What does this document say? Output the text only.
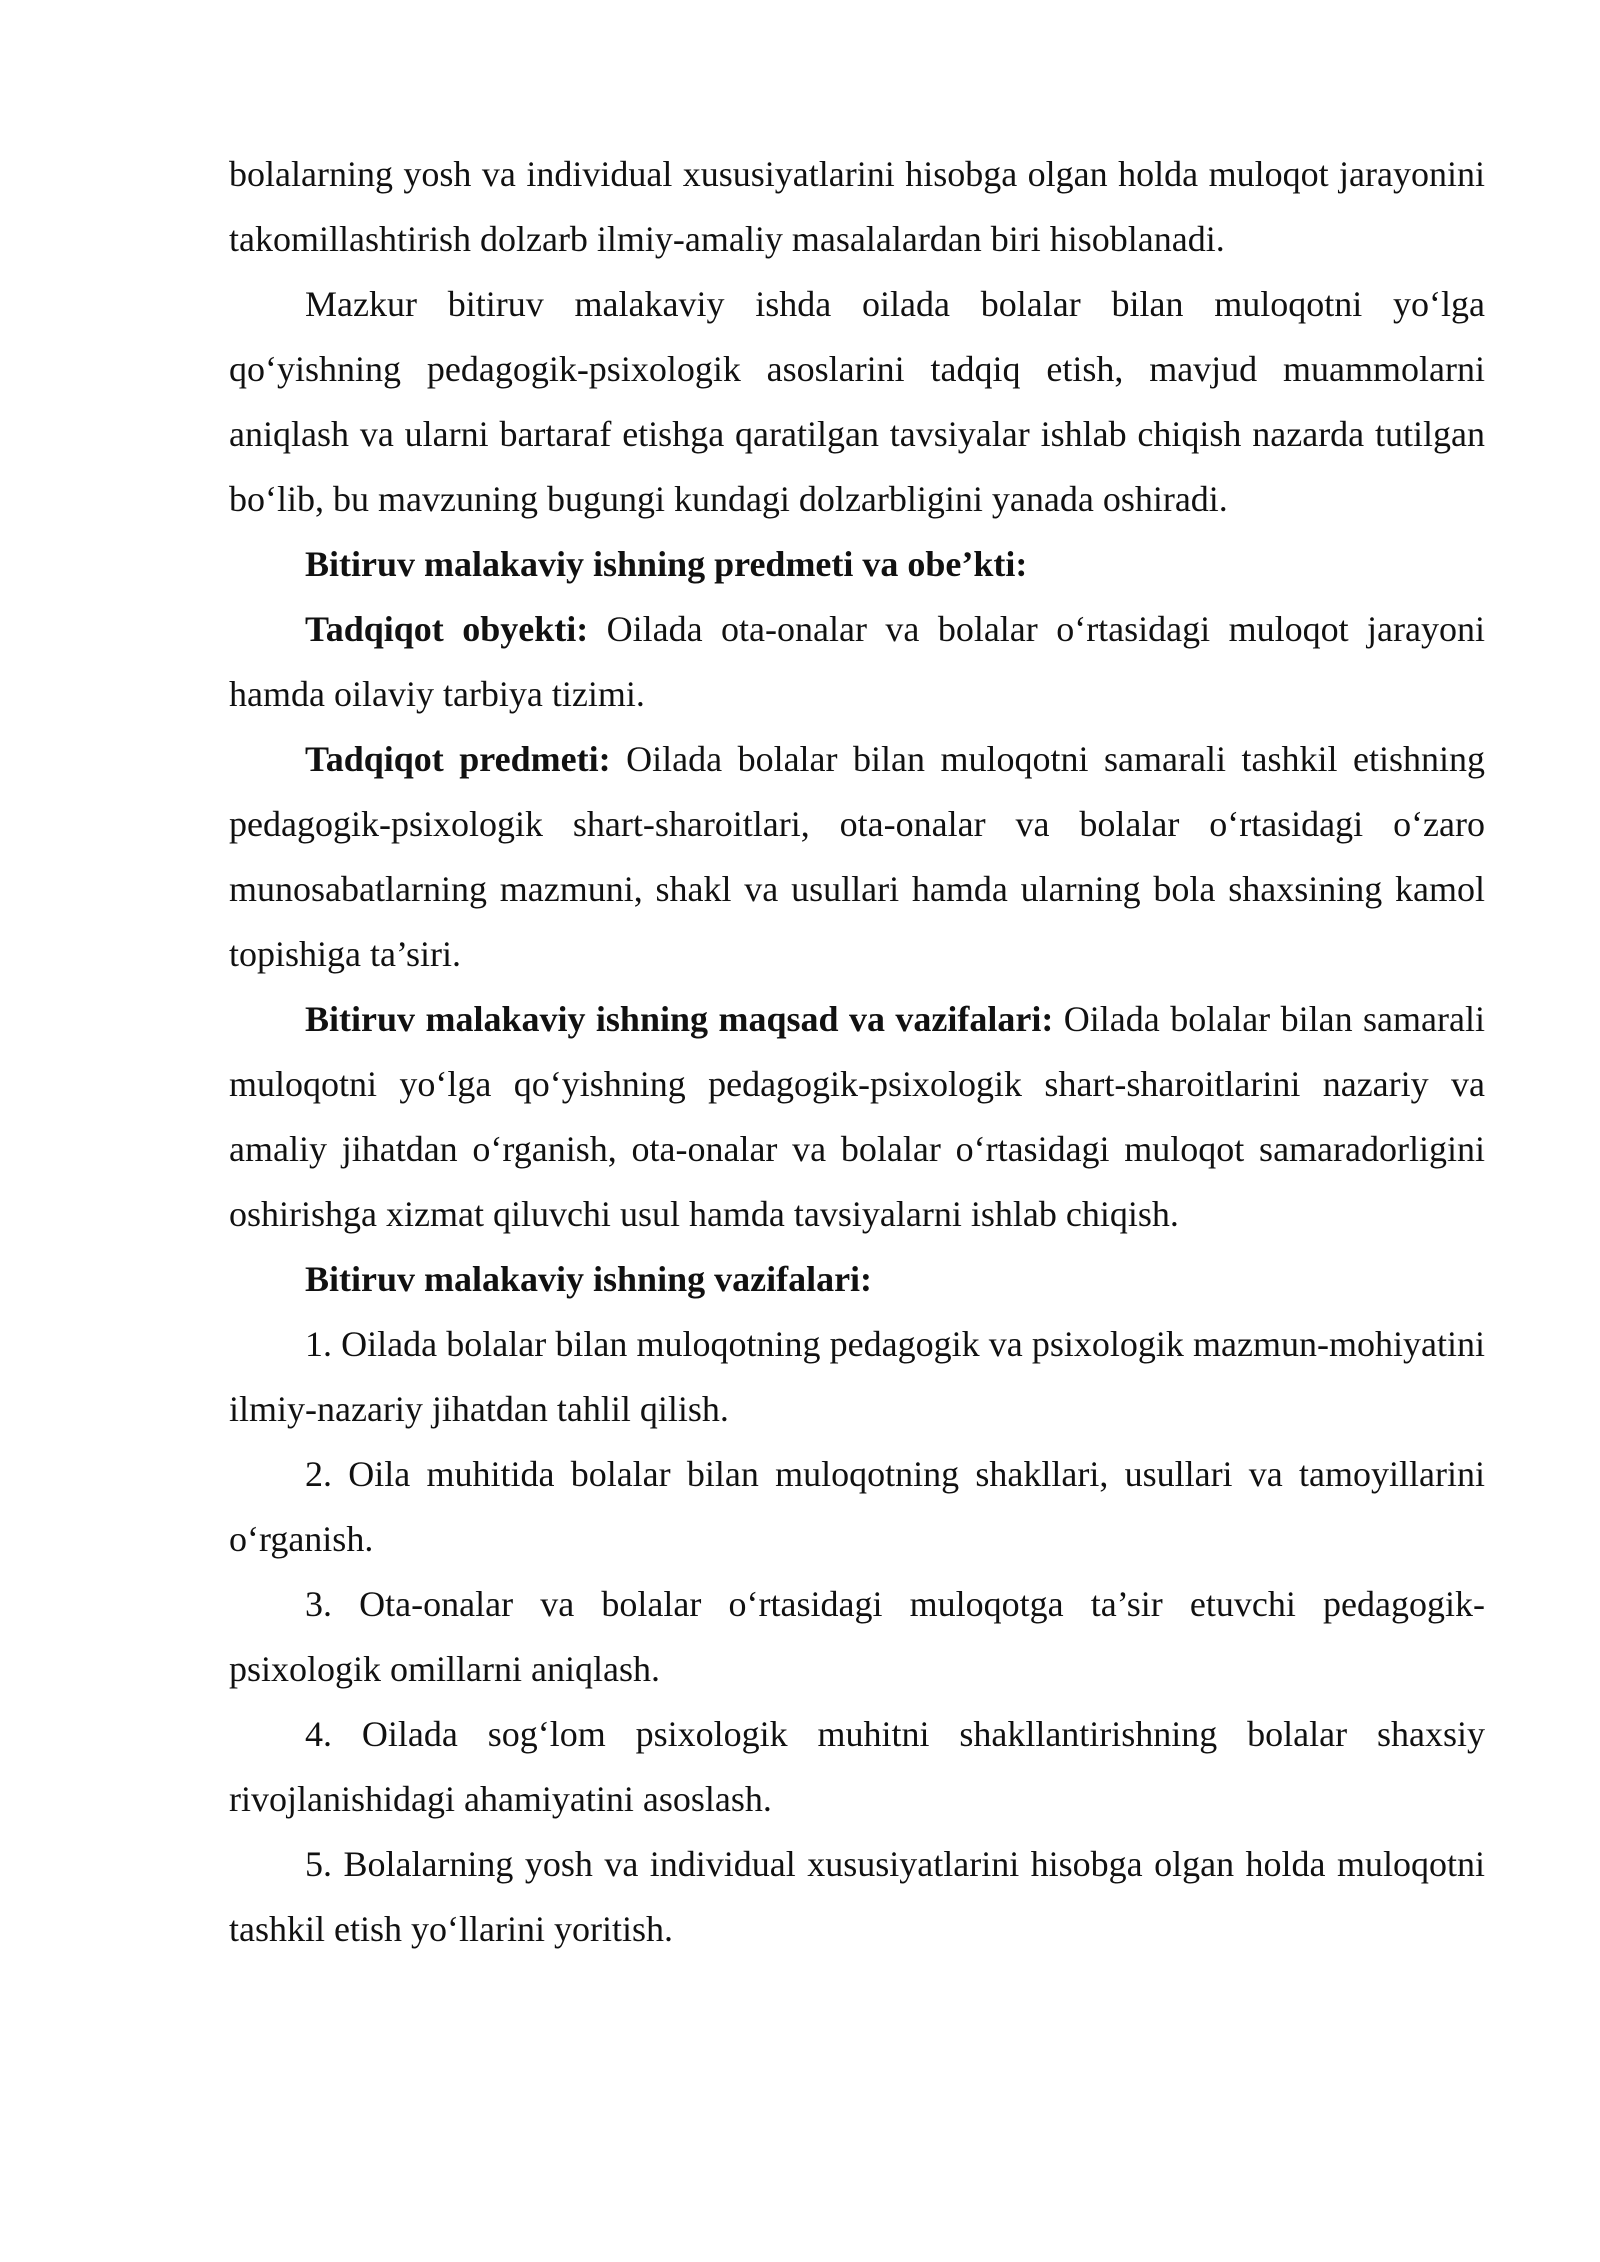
bolalarning yosh va individual xususiyatlarini hisobga olgan holda muloqot jarayonini takomillashtirish dolzarb ilmiy-amaliy masalalardan biri hisoblanadi.

Mazkur bitiruv malakaviy ishda oilada bolalar bilan muloqotni yo‘lga qo‘yishning pedagogik-psixologik asoslarini tadqiq etish, mavjud muammolarni aniqlash va ularni bartaraf etishga qaratilgan tavsiyalar ishlab chiqish nazarda tutilgan bo‘lib, bu mavzuning bugungi kundagi dolzarbligini yanada oshiradi.

Bitiruv malakaviy ishning predmeti va obe’kti:

Tadqiqot obyekti: Oilada ota-onalar va bolalar o‘rtasidagi muloqot jarayoni hamda oilaviy tarbiya tizimi.

Tadqiqot predmeti: Oilada bolalar bilan muloqotni samarali tashkil etishning pedagogik-psixologik shart-sharoitlari, ota-onalar va bolalar o‘rtasidagi o‘zaro munosabatlarning mazmuni, shakl va usullari hamda ularning bola shaxsining kamol topishiga ta’siri.

Bitiruv malakaviy ishning maqsad va vazifalari: Oilada bolalar bilan samarali muloqotni yo‘lga qo‘yishning pedagogik-psixologik shart-sharoitlarini nazariy va amaliy jihatdan o‘rganish, ota-onalar va bolalar o‘rtasidagi muloqot samaradorligini oshirishga xizmat qiluvchi usul hamda tavsiyalarni ishlab chiqish.

Bitiruv malakaviy ishning vazifalari:

1. Oilada bolalar bilan muloqotning pedagogik va psixologik mazmun-mohiyatini ilmiy-nazariy jihatdan tahlil qilish.

2. Oila muhitida bolalar bilan muloqotning shakllari, usullari va tamoyillarini o‘rganish.

3. Ota-onalar va bolalar o‘rtasidagi muloqotga ta’sir etuvchi pedagogik-psixologik omillarni aniqlash.

4. Oilada sog‘lom psixologik muhitni shakllantirishning bolalar shaxsiy rivojlanishidagi ahamiyatini asoslash.

5. Bolalarning yosh va individual xususiyatlarini hisobga olgan holda muloqotni tashkil etish yo‘llarini yoritish.
